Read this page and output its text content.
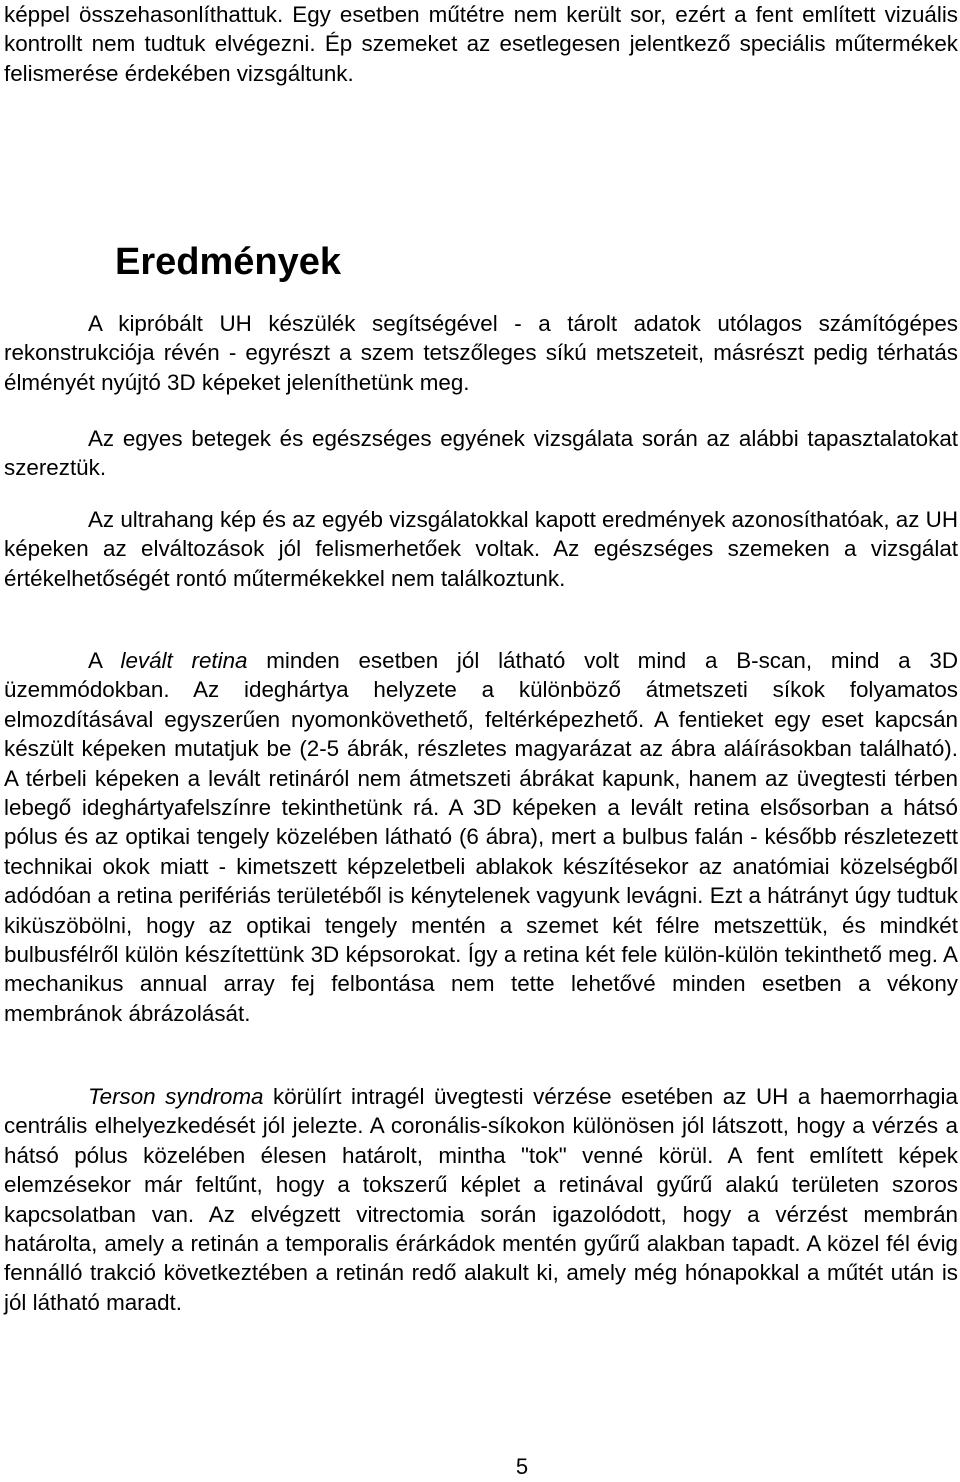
képpel összehasonlíthattuk. Egy esetben műtétre nem került sor, ezért a fent említett vizuális kontrollt nem tudtuk elvégezni. Ép szemeket az esetlegesen jelentkező speciális műtermékek felismerése érdekében vizsgáltunk.

Eredmények

A kipróbált UH készülék segítségével - a tárolt adatok utólagos számítógépes rekonstrukciója révén - egyrészt a szem tetszőleges síkú metszeteit, másrészt pedig térhatás élményét nyújtó 3D képeket jeleníthetünk meg.

Az egyes betegek és egészséges egyének vizsgálata során az alábbi tapasztalatokat szereztük.

Az ultrahang kép és az egyéb vizsgálatokkal kapott eredmények azonosíthatóak, az UH képeken az elváltozások jól felismerhetőek voltak. Az egészséges szemeken a vizsgálat értékelhetőségét rontó műtermékekkel nem találkoztunk.

A levált retina minden esetben jól látható volt mind a B-scan, mind a 3D üzemmódokban. Az ideghártya helyzete a különböző átmetszeti síkok folyamatos elmozdításával egyszerűen nyomonkövethető, feltérképezhető. A fentieket egy eset kapcsán készült képeken mutatjuk be (2-5 ábrák, részletes magyarázat az ábra aláírásokban található). A térbeli képeken a levált retináról nem átmetszeti ábrákat kapunk, hanem az üvegtesti térben lebegő ideghártyafelszínre tekinthetünk rá. A 3D képeken a levált retina elsősorban a hátsó pólus és az optikai tengely közelében látható (6 ábra), mert a bulbus falán - később részletezett technikai okok miatt - kimetszett képzeletbeli ablakok készítésekor az anatómiai közelségből adódóan a retina perifériás területéből is kénytelenek vagyunk levágni. Ezt a hátrányt úgy tudtuk kiküszöbölni, hogy az optikai tengely mentén a szemet két félre metszettük, és mindkét bulbusfélről külön készítettünk 3D képsorokat. Így a retina két fele külön-külön tekinthető meg. A mechanikus annual array fej felbontása nem tette lehetővé minden esetben a vékony membránok ábrázolását.

Terson syndroma körülírt intragél üvegtesti vérzése esetében az UH a haemorrhagia centrális elhelyezkedését jól jelezte. A coronális-síkokon különösen jól látszott, hogy a vérzés a hátsó pólus közelében élesen határolt, mintha "tok" venné körül. A fent említett képek elemzésekor már feltűnt, hogy a tokszerű képlet a retinával gyűrű alakú területen szoros kapcsolatban van. Az elvégzett vitrectomia során igazolódott, hogy a vérzést membrán határolta, amely a retinán a temporalis érárkádok mentén gyűrű alakban tapadt. A közel fél évig fennálló trakció következtében a retinán redő alakult ki, amely még hónapokkal a műtét után is jól látható maradt.

5
